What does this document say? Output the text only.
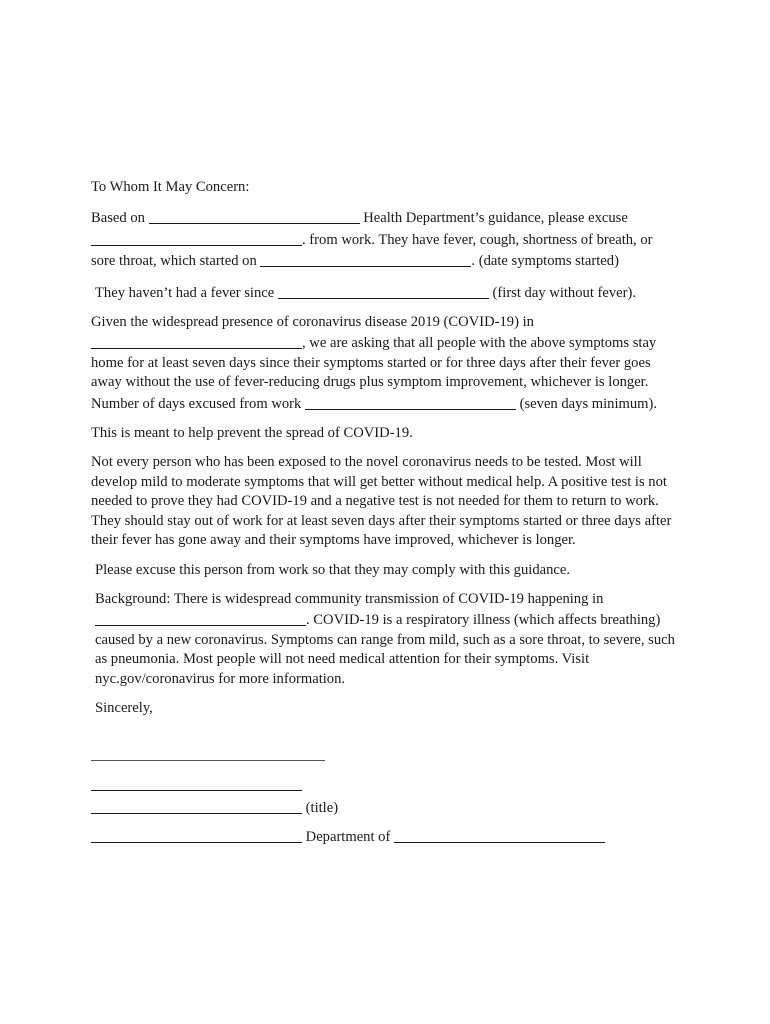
To Whom It May Concern:

Based on	Health Department’s guidance, please excuse
. from work. They have fever, cough, shortness of breath, or sore throat, which started on	. (date symptoms started)

They haven’t had a fever since	(first day without fever).

Given the widespread presence of coronavirus disease 2019 (COVID-19) in
, we are asking that all people with the above symptoms stay home for at least seven days since their symptoms started or for three days after their fever goes away without the use of fever-reducing drugs plus symptom improvement, whichever is longer. Number of days excused from work	(seven days minimum).

This is meant to help prevent the spread of COVID-19.

Not every person who has been exposed to the novel coronavirus needs to be tested. Most will develop mild to moderate symptoms that will get better without medical help. A positive test is not needed to prove they had COVID-19 and a negative test is not needed for them to return to work. They should stay out of work for at least seven days after their symptoms started or three days after their fever has gone away and their symptoms have improved, whichever is longer.

Please excuse this person from work so that they may comply with this guidance.

Background: There is widespread community transmission of COVID-19 happening in
. COVID-19 is a respiratory illness (which affects breathing) caused by a new coronavirus. Symptoms can range from mild, such as a sore throat, to severe, such as pneumonia. Most people will not need medical attention for their symptoms. Visit nyc.gov/coronavirus for more information.

Sincerely,

(title)
Department of
